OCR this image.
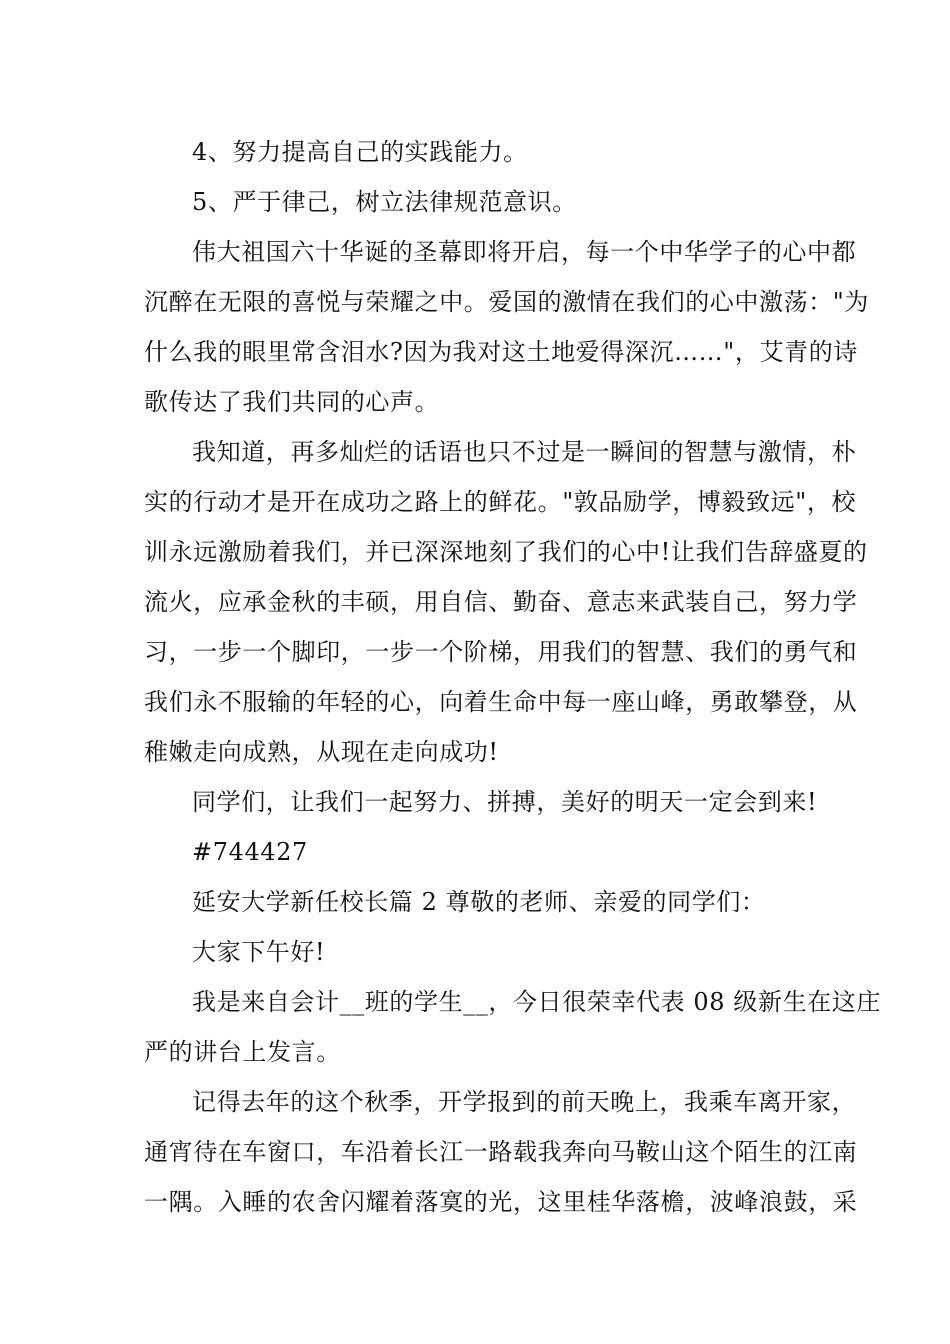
4、努力提高自己的实践能力。
5、严于律己，树立法律规范意识。
伟大祖国六十华诞的圣幕即将开启，每一个中华学子的心中都
沉醉在无限的喜悦与荣耀之中。爱国的激情在我们的心中激荡："为
什么我的眼里常含泪水?因为我对这土地爱得深沉……"，艾青的诗
歌传达了我们共同的心声。
我知道，再多灿烂的话语也只不过是一瞬间的智慧与激情，朴
实的行动才是开在成功之路上的鲜花。"敦品励学，博毅致远"，校
训永远激励着我们，并已深深地刻了我们的心中!让我们告辞盛夏的
流火，应承金秋的丰硕，用自信、勤奋、意志来武装自己，努力学
习，一步一个脚印，一步一个阶梯，用我们的智慧、我们的勇气和
我们永不服输的年轻的心，向着生命中每一座山峰，勇敢攀登，从
稚嫩走向成熟，从现在走向成功!
同学们，让我们一起努力、拼搏，美好的明天一定会到来!
#744427
延安大学新任校长篇 2 尊敬的老师、亲爱的同学们：
大家下午好!
我是来自会计__班的学生__，今日很荣幸代表 08 级新生在这庄
严的讲台上发言。
记得去年的这个秋季，开学报到的前天晚上，我乘车离开家，
通宵待在车窗口，车沿着长江一路载我奔向马鞍山这个陌生的江南
一隅。入睡的农舍闪耀着落寞的光，这里桂华落檐，波峰浪鼓，采
